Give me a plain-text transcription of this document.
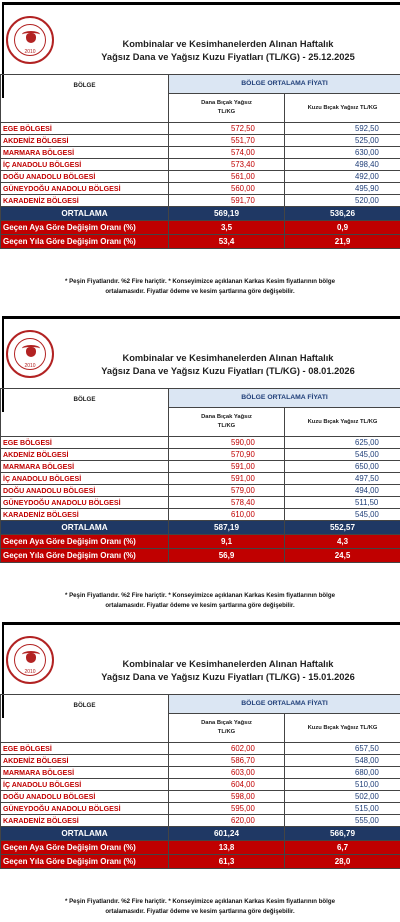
2010
Kombinalar ve Kesimhanelerden Alınan Haftalık
Yağsız Dana ve Yağsız Kuzu Fiyatları (TL/KG) - 25.12.2025
BÖLGE	BÖLGE ORTALAMA FİYATI	
	Dana Bıçak Yağsız TL/KG	Kuzu Bıçak Yağsız TL/KG
EGE BÖLGESİ	572,50	592,50
AKDENİZ BÖLGESİ	551,70	525,00
MARMARA BÖLGESİ	574,00	630,00
İÇ ANADOLU BÖLGESİ	573,40	498,40
DOĞU ANADOLU BÖLGESİ	561,00	492,00
GÜNEYDOĞU ANADOLU BÖLGESİ	560,00	495,90
KARADENİZ BÖLGESİ	591,70	520,00
ORTALAMA	569,19	536,26
Geçen Aya Göre Değişim Oranı (%)	3,5	0,9
Geçen Yıla Göre Değişim Oranı (%)	53,4	21,9
* Peşin Fiyatlarıdır. %2 Fire hariçtir. * Konseyimizce açıklanan Karkas Kesim fiyatlarının bölge
ortalamasıdır. Fiyatlar ödeme ve kesim şartlarına göre değişebilir.
2010
Kombinalar ve Kesimhanelerden Alınan Haftalık
Yağsız Dana ve Yağsız Kuzu Fiyatları (TL/KG) - 08.01.2026
BÖLGE	BÖLGE ORTALAMA FİYATI	
	Dana Bıçak Yağsız TL/KG	Kuzu Bıçak Yağsız TL/KG
EGE BÖLGESİ	590,00	625,00
AKDENİZ BÖLGESİ	570,90	545,00
MARMARA BÖLGESİ	591,00	650,00
İÇ ANADOLU BÖLGESİ	591,00	497,50
DOĞU ANADOLU BÖLGESİ	579,00	494,00
GÜNEYDOĞU ANADOLU BÖLGESİ	578,40	511,50
KARADENİZ BÖLGESİ	610,00	545,00
ORTALAMA	587,19	552,57
Geçen Aya Göre Değişim Oranı (%)	9,1	4,3
Geçen Yıla Göre Değişim Oranı (%)	56,9	24,5
* Peşin Fiyatlarıdır. %2 Fire hariçtir. * Konseyimizce açıklanan Karkas Kesim fiyatlarının bölge
ortalamasıdır. Fiyatlar ödeme ve kesim şartlarına göre değişebilir.
2010
Kombinalar ve Kesimhanelerden Alınan Haftalık
Yağsız Dana ve Yağsız Kuzu Fiyatları (TL/KG) - 15.01.2026
BÖLGE	BÖLGE ORTALAMA FİYATI	
	Dana Bıçak Yağsız TL/KG	Kuzu Bıçak Yağsız TL/KG
EGE BÖLGESİ	602,00	657,50
AKDENİZ BÖLGESİ	586,70	548,00
MARMARA BÖLGESİ	603,00	680,00
İÇ ANADOLU BÖLGESİ	604,00	510,00
DOĞU ANADOLU BÖLGESİ	598,00	502,00
GÜNEYDOĞU ANADOLU BÖLGESİ	595,00	515,00
KARADENİZ BÖLGESİ	620,00	555,00
ORTALAMA	601,24	566,79
Geçen Aya Göre Değişim Oranı (%)	13,8	6,7
Geçen Yıla Göre Değişim Oranı (%)	61,3	28,0
* Peşin Fiyatlarıdır. %2 Fire hariçtir. * Konseyimizce açıklanan Karkas Kesim fiyatlarının bölge
ortalamasıdır. Fiyatlar ödeme ve kesim şartlarına göre değişebilir.
